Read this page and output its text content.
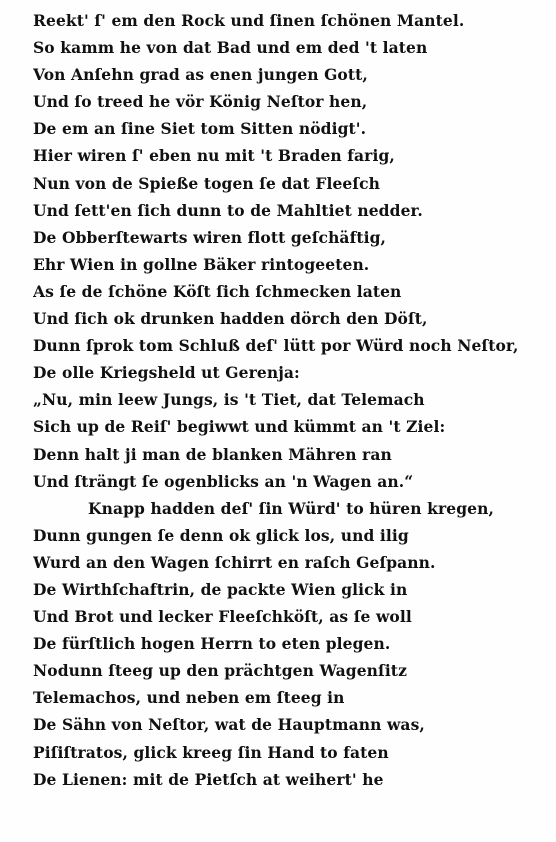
Reekt' ſ' em den Rock und ſinen ſchönen Mantel.
So kamm he von dat Bad und em ded 't laten
Von Anſehn grad as enen jungen Gott,
Und ſo treed he vör König Neſtor hen,
De em an ſine Siet tom Sitten nödigt'.
Hier wiren ſ' eben nu mit 't Braden farig,
Nun von de Spieße togen ſe dat Fleeſch
Und ſett'en ſich dunn to de Mahltiet nedder.
De Obberſtewarts wiren flott geſchäftig,
Ehr Wien in gollne Bäker rintogeeten.
As ſe de ſchöne Köſt ſich ſchmecken laten
Und ſich ok drunken hadden dörch den Döſt,
Dunn ſprok tom Schluß deſ' lütt por Würd noch Neſtor,
De olle Kriegsheld ut Gerenja:
„Nu, min leew Jungs, is 't Tiet, dat Telemach
Sich up de Reiſ' begiwwt und kümmt an 't Ziel:
Denn halt ji man de blanken Mähren ran
Und ſträngt ſe ogenblicks an 'n Wagen an.“
Knapp hadden deſ' ſin Würd' to hüren kregen,
Dunn gungen ſe denn ok glick los, und ilig
Wurd an den Wagen ſchirrt en raſch Geſpann.
De Wirthſchaftrin, de packte Wien glick in
Und Brot und lecker Fleeſchköſt, as ſe woll
De fürſtlich hogen Herrn to eten plegen.
Nodunn ſteeg up den prächtgen Wagenſitz
Telemachos, und neben em ſteeg in
De Sähn von Neſtor, wat de Hauptmann was,
Piſiſtratos, glick kreeg ſin Hand to faten
De Lienen: mit de Pietſch at weihert' he
